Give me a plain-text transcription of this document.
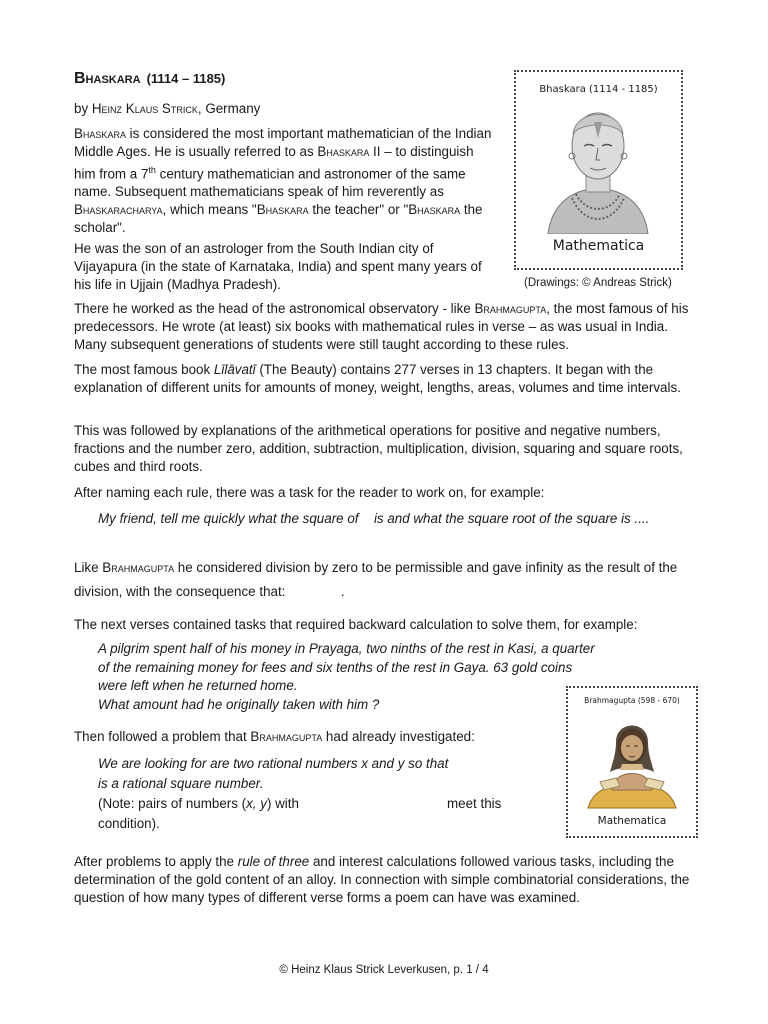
Bhaskara (1114 – 1185)

by Heinz Klaus Strick, Germany

Bhaskara is considered the most important mathematician of the Indian Middle Ages. He is usually referred to as Bhaskara II – to distinguish him from a 7th century mathematician and astronomer of the same name. Subsequent mathematicians speak of him reverently as Bhaskaracharya, which means "Bhaskara the teacher" or "Bhaskara the scholar".

He was the son of an astrologer from the South Indian city of Vijayapura (in the state of Karnataka, India) and spent many years of his life in Ujjain (Madhya Pradesh).

There he worked as the head of the astronomical observatory - like Brahmagupta, the most famous of his predecessors. He wrote (at least) six books with mathematical rules in verse – as was usual in India. Many subsequent generations of students were still taught according to these rules.

The most famous book Līlāvatī (The Beauty) contains 277 verses in 13 chapters. It began with the explanation of different units for amounts of money, weight, lengths, areas, volumes and time intervals.

This was followed by explanations of the arithmetical operations for positive and negative numbers, fractions and the number zero, addition, subtraction, multiplication, division, squaring and square roots, cubes and third roots.

After naming each rule, there was a task for the reader to work on, for example:

My friend, tell me quickly what the square of  is and what the square root of the square is ....

Like Brahmagupta he considered division by zero to be permissible and gave infinity as the result of the division, with the consequence that:	.

The next verses contained tasks that required backward calculation to solve them, for example:

A pilgrim spent half of his money in Prayaga, two ninths of the rest in Kasi, a quarter
of the remaining money for fees and six tenths of the rest in Gaya. 63 gold coins
were left when he returned home.
What amount had he originally taken with him ?

Then followed a problem that Brahmagupta had already investigated:

We are looking for are two rational numbers x and y so that
is a rational square number.
(Note: pairs of numbers (x, y) with	meet this
condition).

After problems to apply the rule of three and interest calculations followed various tasks, including the determination of the gold content of an alloy. In connection with simple combinatorial considerations, the question of how many types of different verse forms a poem can have was examined.

Bhaskara (1114 - 1185)
Mathematica
(Drawings: © Andreas Strick)
Brahmagupta (598 - 670)
Mathematica
© Heinz Klaus Strick Leverkusen, p. 1 / 4
